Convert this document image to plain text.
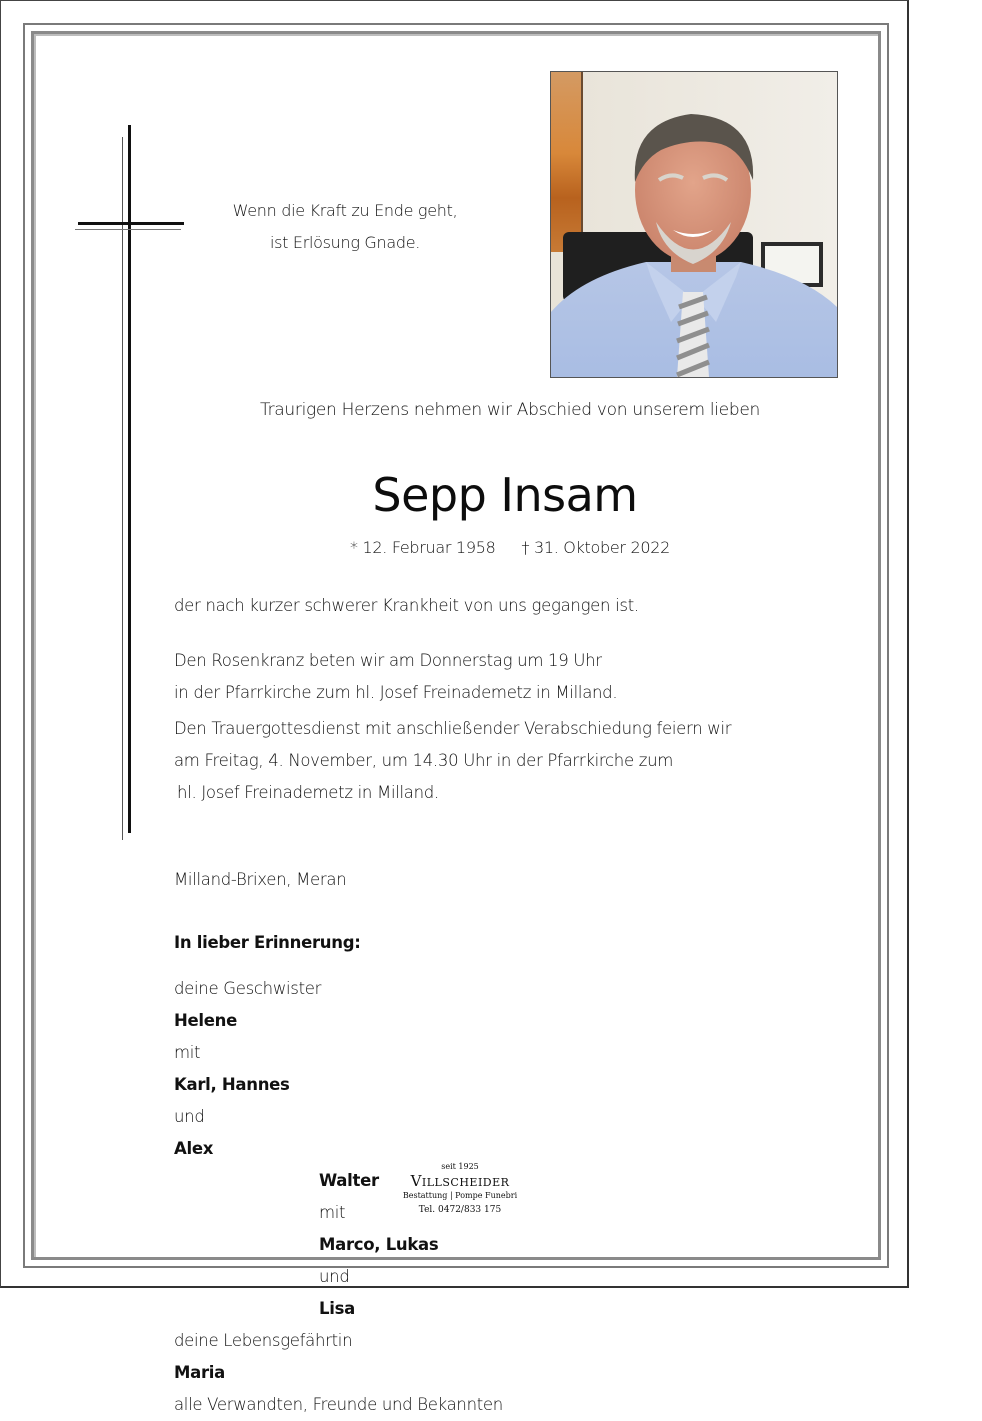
Wenn die Kraft zu Ende geht,
ist Erlösung Gnade.
Traurigen Herzens nehmen wir Abschied von unserem lieben
Sepp Insam
* 12. Februar 1958 † 31. Oktober 2022
der nach kurzer schwerer Krankheit von uns gegangen ist.
Den Rosenkranz beten wir am Donnerstag um 19 Uhr
in der Pfarrkirche zum hl. Josef Freinademetz in Milland.
Den Trauergottesdienst mit anschließender Verabschiedung feiern wir
am Freitag, 4. November, um 14.30 Uhr in der Pfarrkirche zum
hl. Josef Freinademetz in Milland.
Milland-Brixen, Meran
In lieber Erinnerung:
deine Geschwister
Helene
mit
Karl, Hannes
und
Alex
Walter
mit
Marco, Lukas
und
Lisa
deine Lebensgefährtin
Maria
alle Verwandten, Freunde und Bekannten
seit 1925
Villscheider
Bestattung | Pompe Funebri
Tel. 0472/833 175
